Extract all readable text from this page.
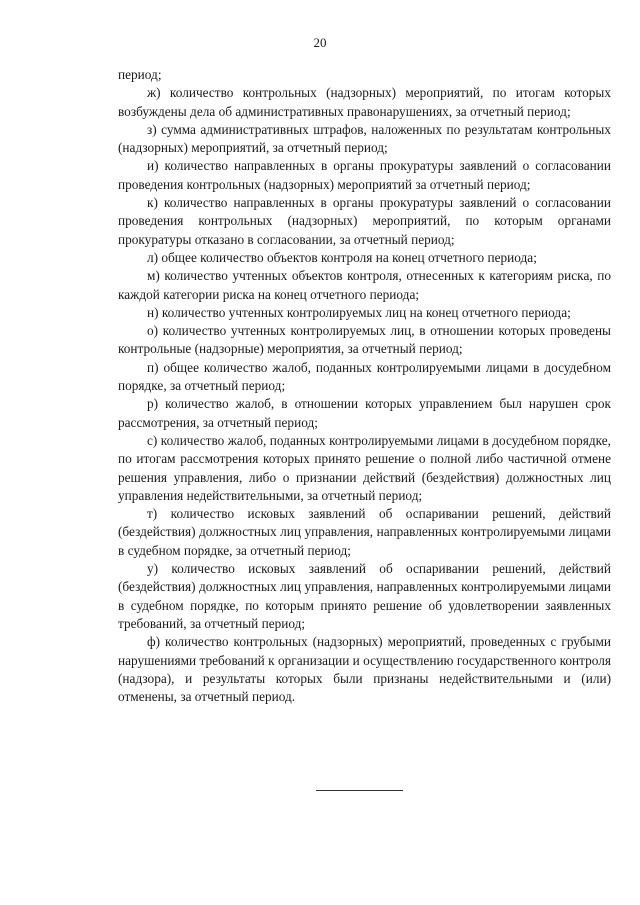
20

период;

ж) количество контрольных (надзорных) мероприятий, по итогам которых возбуждены дела об административных правонарушениях, за отчетный период;

з) сумма административных штрафов, наложенных по результатам контрольных (надзорных) мероприятий, за отчетный период;

и) количество направленных в органы прокуратуры заявлений о согласовании проведения контрольных (надзорных) мероприятий за отчетный период;

к) количество направленных в органы прокуратуры заявлений о согласовании проведения контрольных (надзорных) мероприятий, по которым органами прокуратуры отказано в согласовании, за отчетный период;

л) общее количество объектов контроля на конец отчетного периода;

м) количество учтенных объектов контроля, отнесенных к категориям риска, по каждой категории риска на конец отчетного периода;

н) количество учтенных контролируемых лиц на конец отчетного периода;

о) количество учтенных контролируемых лиц, в отношении которых проведены контрольные (надзорные) мероприятия, за отчетный период;

п) общее количество жалоб, поданных контролируемыми лицами в досудебном порядке, за отчетный период;

р) количество жалоб, в отношении которых управлением был нарушен срок рассмотрения, за отчетный период;

с) количество жалоб, поданных контролируемыми лицами в досудебном порядке, по итогам рассмотрения которых принято решение о полной либо частичной отмене решения управления, либо о признании действий (бездействия) должностных лиц управления недействительными, за отчетный период;

т) количество исковых заявлений об оспаривании решений, действий (бездействия) должностных лиц управления, направленных контролируемыми лицами в судебном порядке, за отчетный период;

у) количество исковых заявлений об оспаривании решений, действий (бездействия) должностных лиц управления, направленных контролируемыми лицами в судебном порядке, по которым принято решение об удовлетворении заявленных требований, за отчетный период;

ф) количество контрольных (надзорных) мероприятий, проведенных с грубыми нарушениями требований к организации и осуществлению государственного контроля (надзора), и результаты которых были признаны недействительными и (или) отменены, за отчетный период.
